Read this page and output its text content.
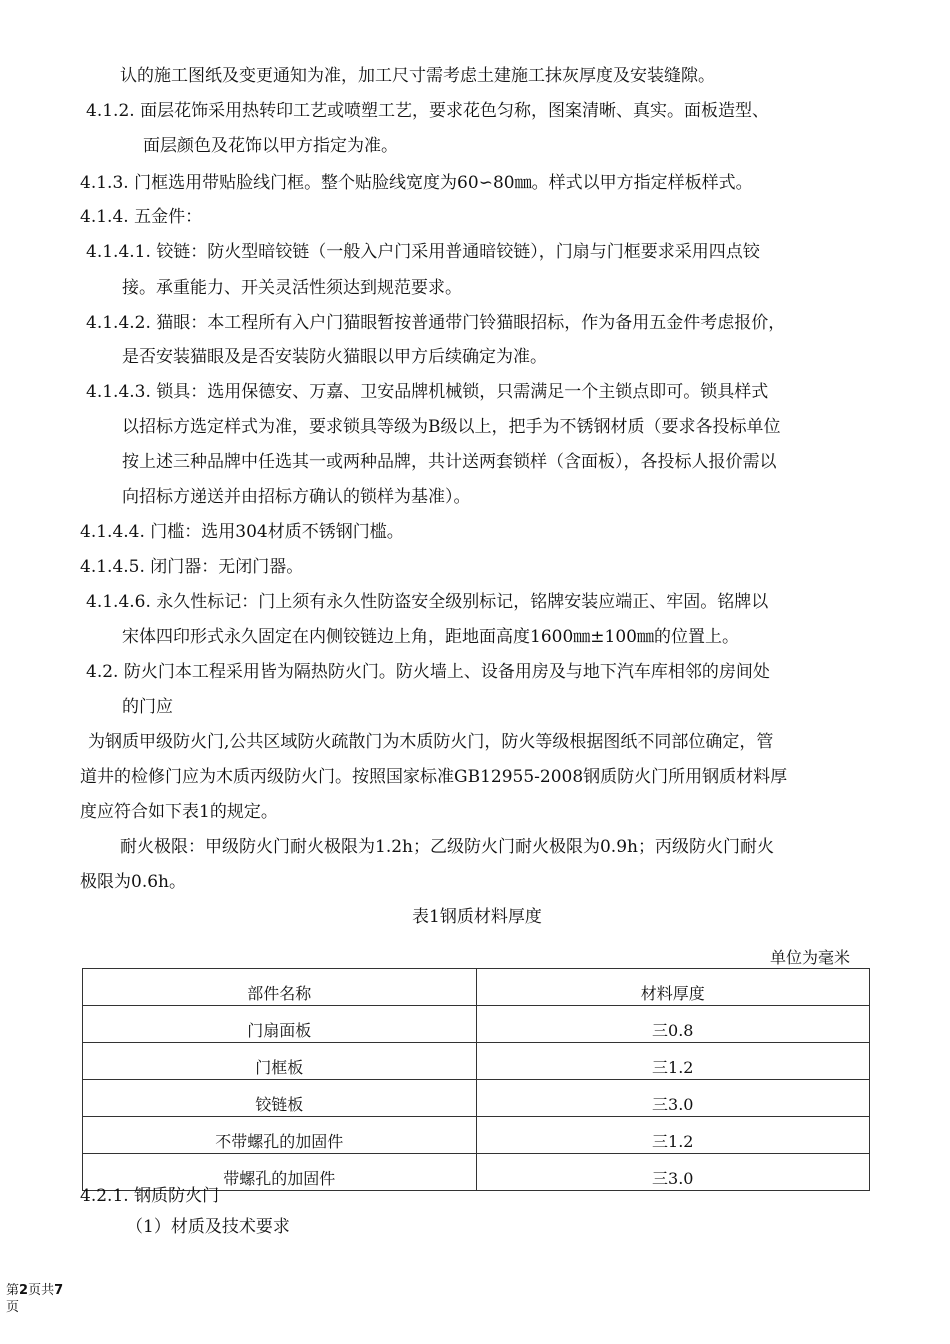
认的施工图纸及变更通知为准，加工尺寸需考虑土建施工抹灰厚度及安装缝隙。
4.1.2. 面层花饰采用热转印工艺或喷塑工艺，要求花色匀称，图案清晰、真实。面板造型、
面层颜色及花饰以甲方指定为准。
4.1.3. 门框选用带贴脸线门框。整个贴脸线宽度为60∽80㎜。样式以甲方指定样板样式。
4.1.4. 五金件：
4.1.4.1. 铰链：防火型暗铰链（一般入户门采用普通暗铰链），门扇与门框要求采用四点铰
接。承重能力、开关灵活性须达到规范要求。
4.1.4.2. 猫眼：本工程所有入户门猫眼暂按普通带门铃猫眼招标，作为备用五金件考虑报价，
是否安装猫眼及是否安装防火猫眼以甲方后续确定为准。
4.1.4.3. 锁具：选用保德安、万嘉、卫安品牌机械锁，只需满足一个主锁点即可。锁具样式
以招标方选定样式为准，要求锁具等级为B级以上，把手为不锈钢材质（要求各投标单位
按上述三种品牌中任选其一或两种品牌，共计送两套锁样（含面板），各投标人报价需以
向招标方递送并由招标方确认的锁样为基准）。
4.1.4.4. 门槛：选用304材质不锈钢门槛。
4.1.4.5. 闭门器：无闭门器。
4.1.4.6. 永久性标记：门上须有永久性防盗安全级别标记，铭牌安装应端正、牢固。铭牌以
宋体四印形式永久固定在内侧铰链边上角，距地面高度1600㎜±100㎜的位置上。
4.2. 防火门本工程采用皆为隔热防火门。防火墙上、设备用房及与地下汽车库相邻的房间处
的门应
为钢质甲级防火门,公共区域防火疏散门为木质防火门，防火等级根据图纸不同部位确定，管
道井的检修门应为木质丙级防火门。按照国家标准GB12955-2008钢质防火门所用钢质材料厚
度应符合如下表1的规定。
耐火极限：甲级防火门耐火极限为1.2h；乙级防火门耐火极限为0.9h；丙级防火门耐火
极限为0.6h。
表1钢质材料厚度
单位为毫米
部件名称	材料厚度
门扇面板	三0.8
门框板	三1.2
铰链板	三3.0
不带螺孔的加固件	三1.2
带螺孔的加固件	三3.0
4.2.1. 钢质防火门
（1）材质及技术要求
第2页共7
页
